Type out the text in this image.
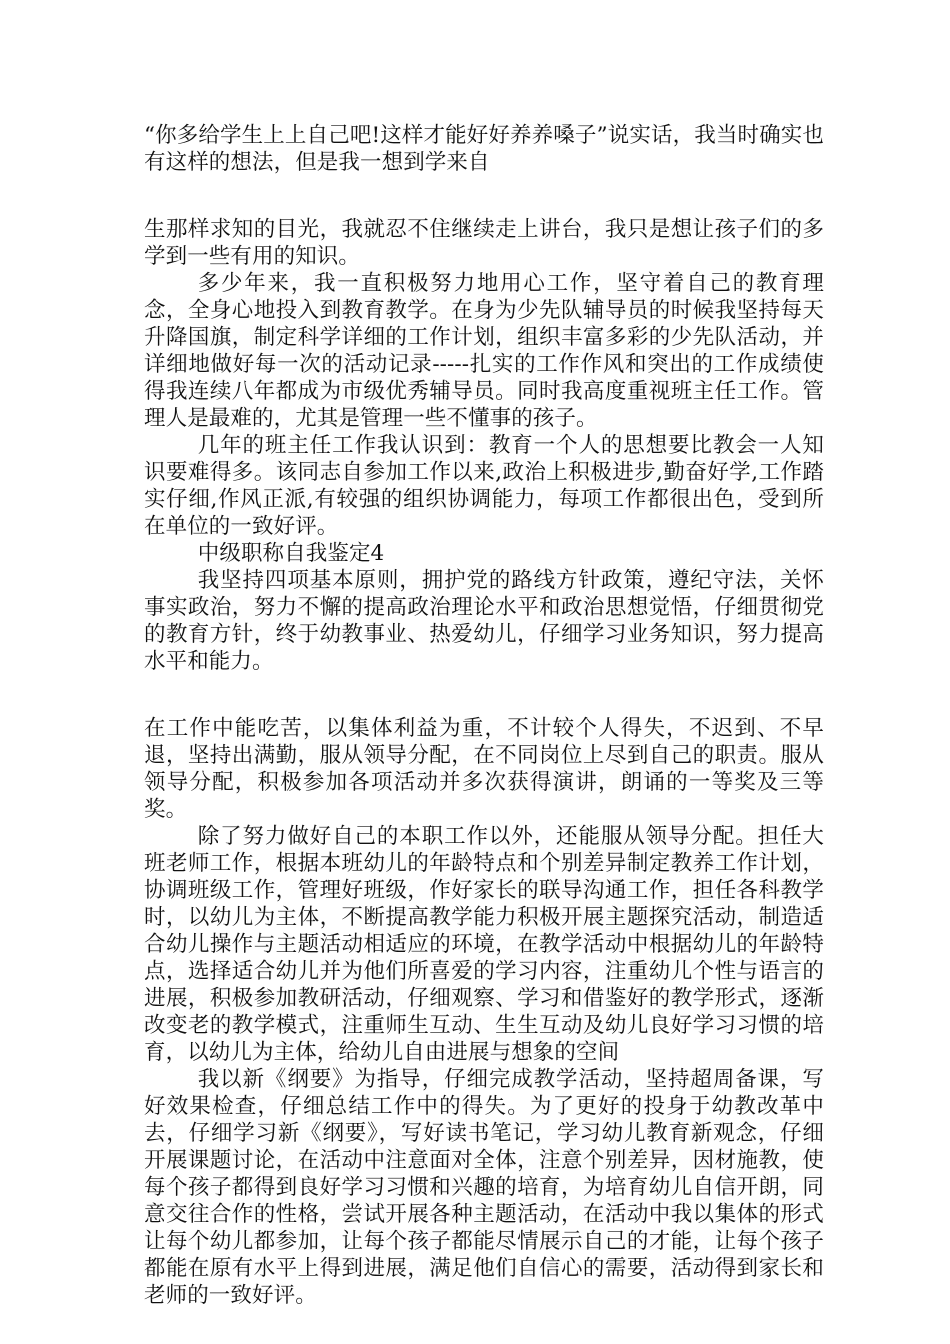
“你多给学生上上自己吧!这样才能好好养养嗓子”说实话，我当时确实也有这样的想法，但是我一想到学来自

生那样求知的目光，我就忍不住继续走上讲台，我只是想让孩子们的多学到一些有用的知识。

多少年来，我一直积极努力地用心工作，坚守着自己的教育理念，全身心地投入到教育教学。在身为少先队辅导员的时候我坚持每天升降国旗，制定科学详细的工作计划，组织丰富多彩的少先队活动，并详细地做好每一次的活动记录-----扎实的工作作风和突出的工作成绩使得我连续八年都成为市级优秀辅导员。同时我高度重视班主任工作。管理人是最难的，尤其是管理一些不懂事的孩子。

几年的班主任工作我认识到：教育一个人的思想要比教会一人知识要难得多。该同志自参加工作以来,政治上积极进步,勤奋好学,工作踏实仔细,作风正派,有较强的组织协调能力，每项工作都很出色，受到所在单位的一致好评。

中级职称自我鉴定4

我坚持四项基本原则，拥护党的路线方针政策，遵纪守法，关怀事实政治，努力不懈的提高政治理论水平和政治思想觉悟，仔细贯彻党的教育方针，终于幼教事业、热爱幼儿，仔细学习业务知识，努力提高水平和能力。

在工作中能吃苦，以集体利益为重，不计较个人得失，不迟到、不早退，坚持出满勤，服从领导分配，在不同岗位上尽到自己的职责。服从领导分配，积极参加各项活动并多次获得演讲，朗诵的一等奖及三等奖。

除了努力做好自己的本职工作以外，还能服从领导分配。担任大班老师工作，根据本班幼儿的年龄特点和个别差异制定教养工作计划，协调班级工作，管理好班级，作好家长的联导沟通工作，担任各科教学时，以幼儿为主体，不断提高教学能力积极开展主题探究活动，制造适合幼儿操作与主题活动相适应的环境，在教学活动中根据幼儿的年龄特点，选择适合幼儿并为他们所喜爱的学习内容，注重幼儿个性与语言的进展，积极参加教研活动，仔细观察、学习和借鉴好的教学形式，逐渐改变老的教学模式，注重师生互动、生生互动及幼儿良好学习习惯的培育，以幼儿为主体，给幼儿自由进展与想象的空间

我以新《纲要》为指导，仔细完成教学活动，坚持超周备课，写好效果检查，仔细总结工作中的得失。为了更好的投身于幼教改革中去，仔细学习新《纲要》，写好读书笔记，学习幼儿教育新观念，仔细开展课题讨论，在活动中注意面对全体，注意个别差异，因材施教，使每个孩子都得到良好学习习惯和兴趣的培育，为培育幼儿自信开朗，同意交往合作的性格，尝试开展各种主题活动，在活动中我以集体的形式让每个幼儿都参加，让每个孩子都能尽情展示自己的才能，让每个孩子都能在原有水平上得到进展，满足他们自信心的需要，活动得到家长和老师的一致好评。
